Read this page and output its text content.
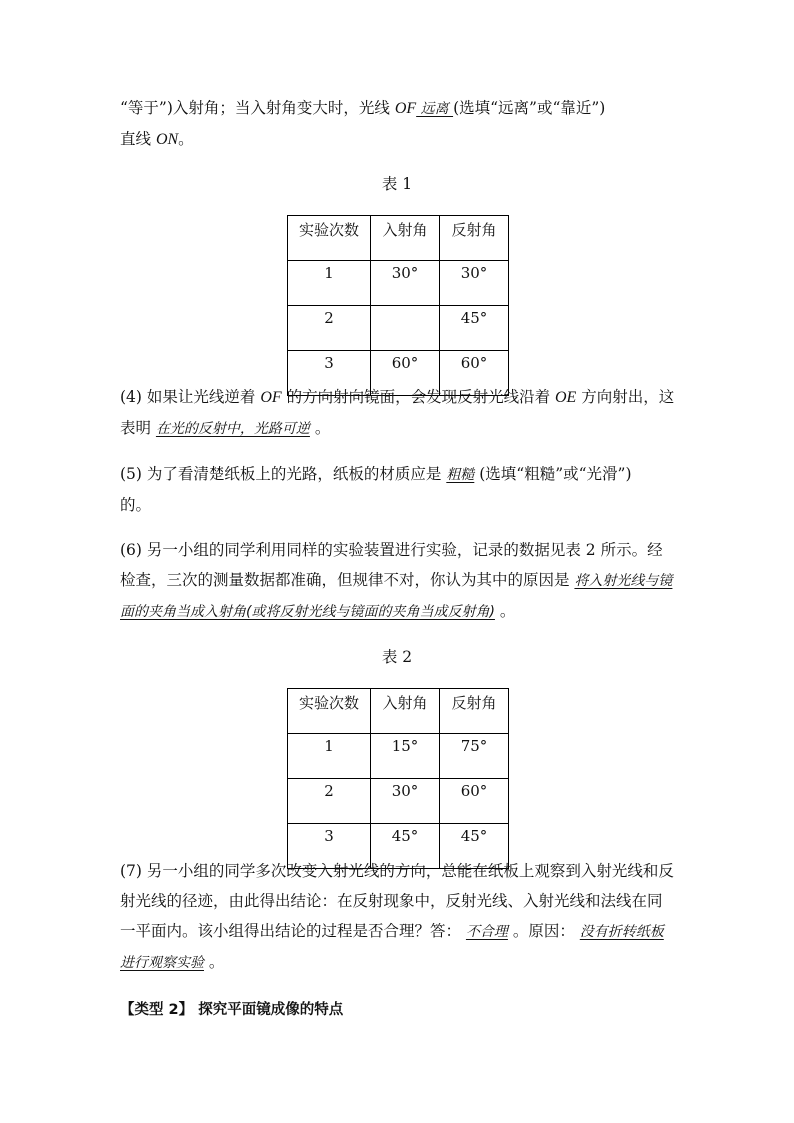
“等于”)入射角；当入射角变大时，光线 OF 远离 (选填“远离”或“靠近”)
直线 ON。
表 1
实验次数	入射角	反射角
1	30°	30°
2		45°
3	60°	60°
(4) 如果让光线逆着 OF 的方向射向镜面，会发现反射光线沿着 OE 方向射出，这
表明 在光的反射中，光路可逆 。
(5) 为了看清楚纸板上的光路，纸板的材质应是 粗糙 (选填“粗糙”或“光滑”)
的。
(6) 另一小组的同学利用同样的实验装置进行实验，记录的数据见表 2 所示。经检查，三次的测量数据都准确，但规律不对，你认为其中的原因是 将入射光线与镜面的夹角当成入射角(或将反射光线与镜面的夹角当成反射角) 。
表 2
实验次数	入射角	反射角
1	15°	75°
2	30°	60°
3	45°	45°
(7) 另一小组的同学多次改变入射光线的方向，总能在纸板上观察到入射光线和反射光线的径迹，由此得出结论：在反射现象中，反射光线、入射光线和法线在同一平面内。该小组得出结论的过程是否合理？答： 不合理 。原因： 没有折转纸板进行观察实验 。
【类型 2】 探究平面镜成像的特点
